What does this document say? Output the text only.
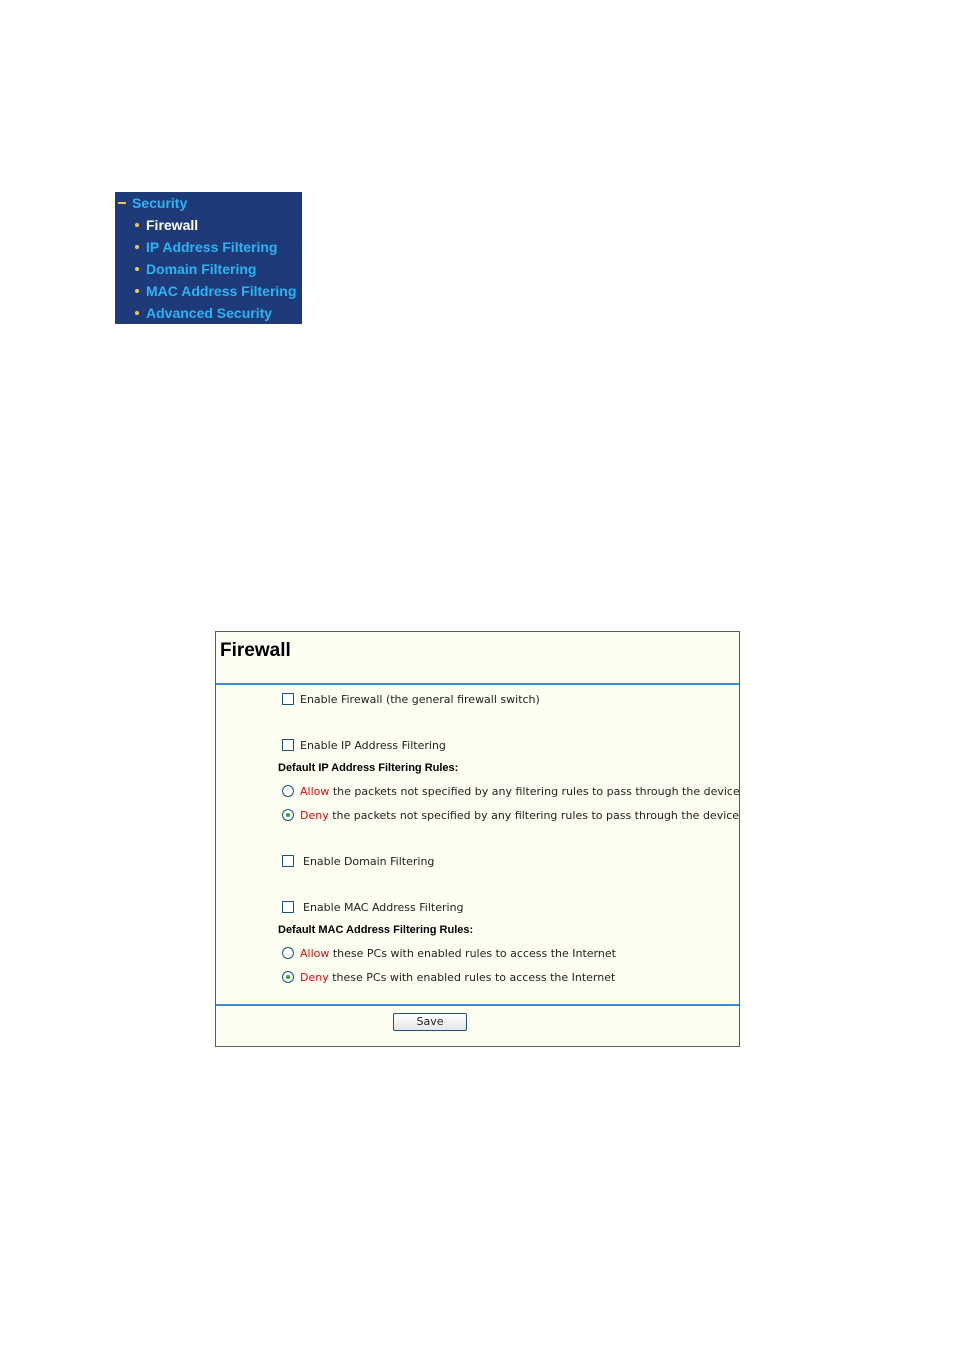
Security
Firewall
IP Address Filtering
Domain Filtering
MAC Address Filtering
Advanced Security
Firewall
Enable Firewall (the general firewall switch)
Enable IP Address Filtering
Default IP Address Filtering Rules:
Allow the packets not specified by any filtering rules to pass through the device
Deny the packets not specified by any filtering rules to pass through the device
Enable Domain Filtering
Enable MAC Address Filtering
Default MAC Address Filtering Rules:
Allow these PCs with enabled rules to access the Internet
Deny these PCs with enabled rules to access the Internet
Save
